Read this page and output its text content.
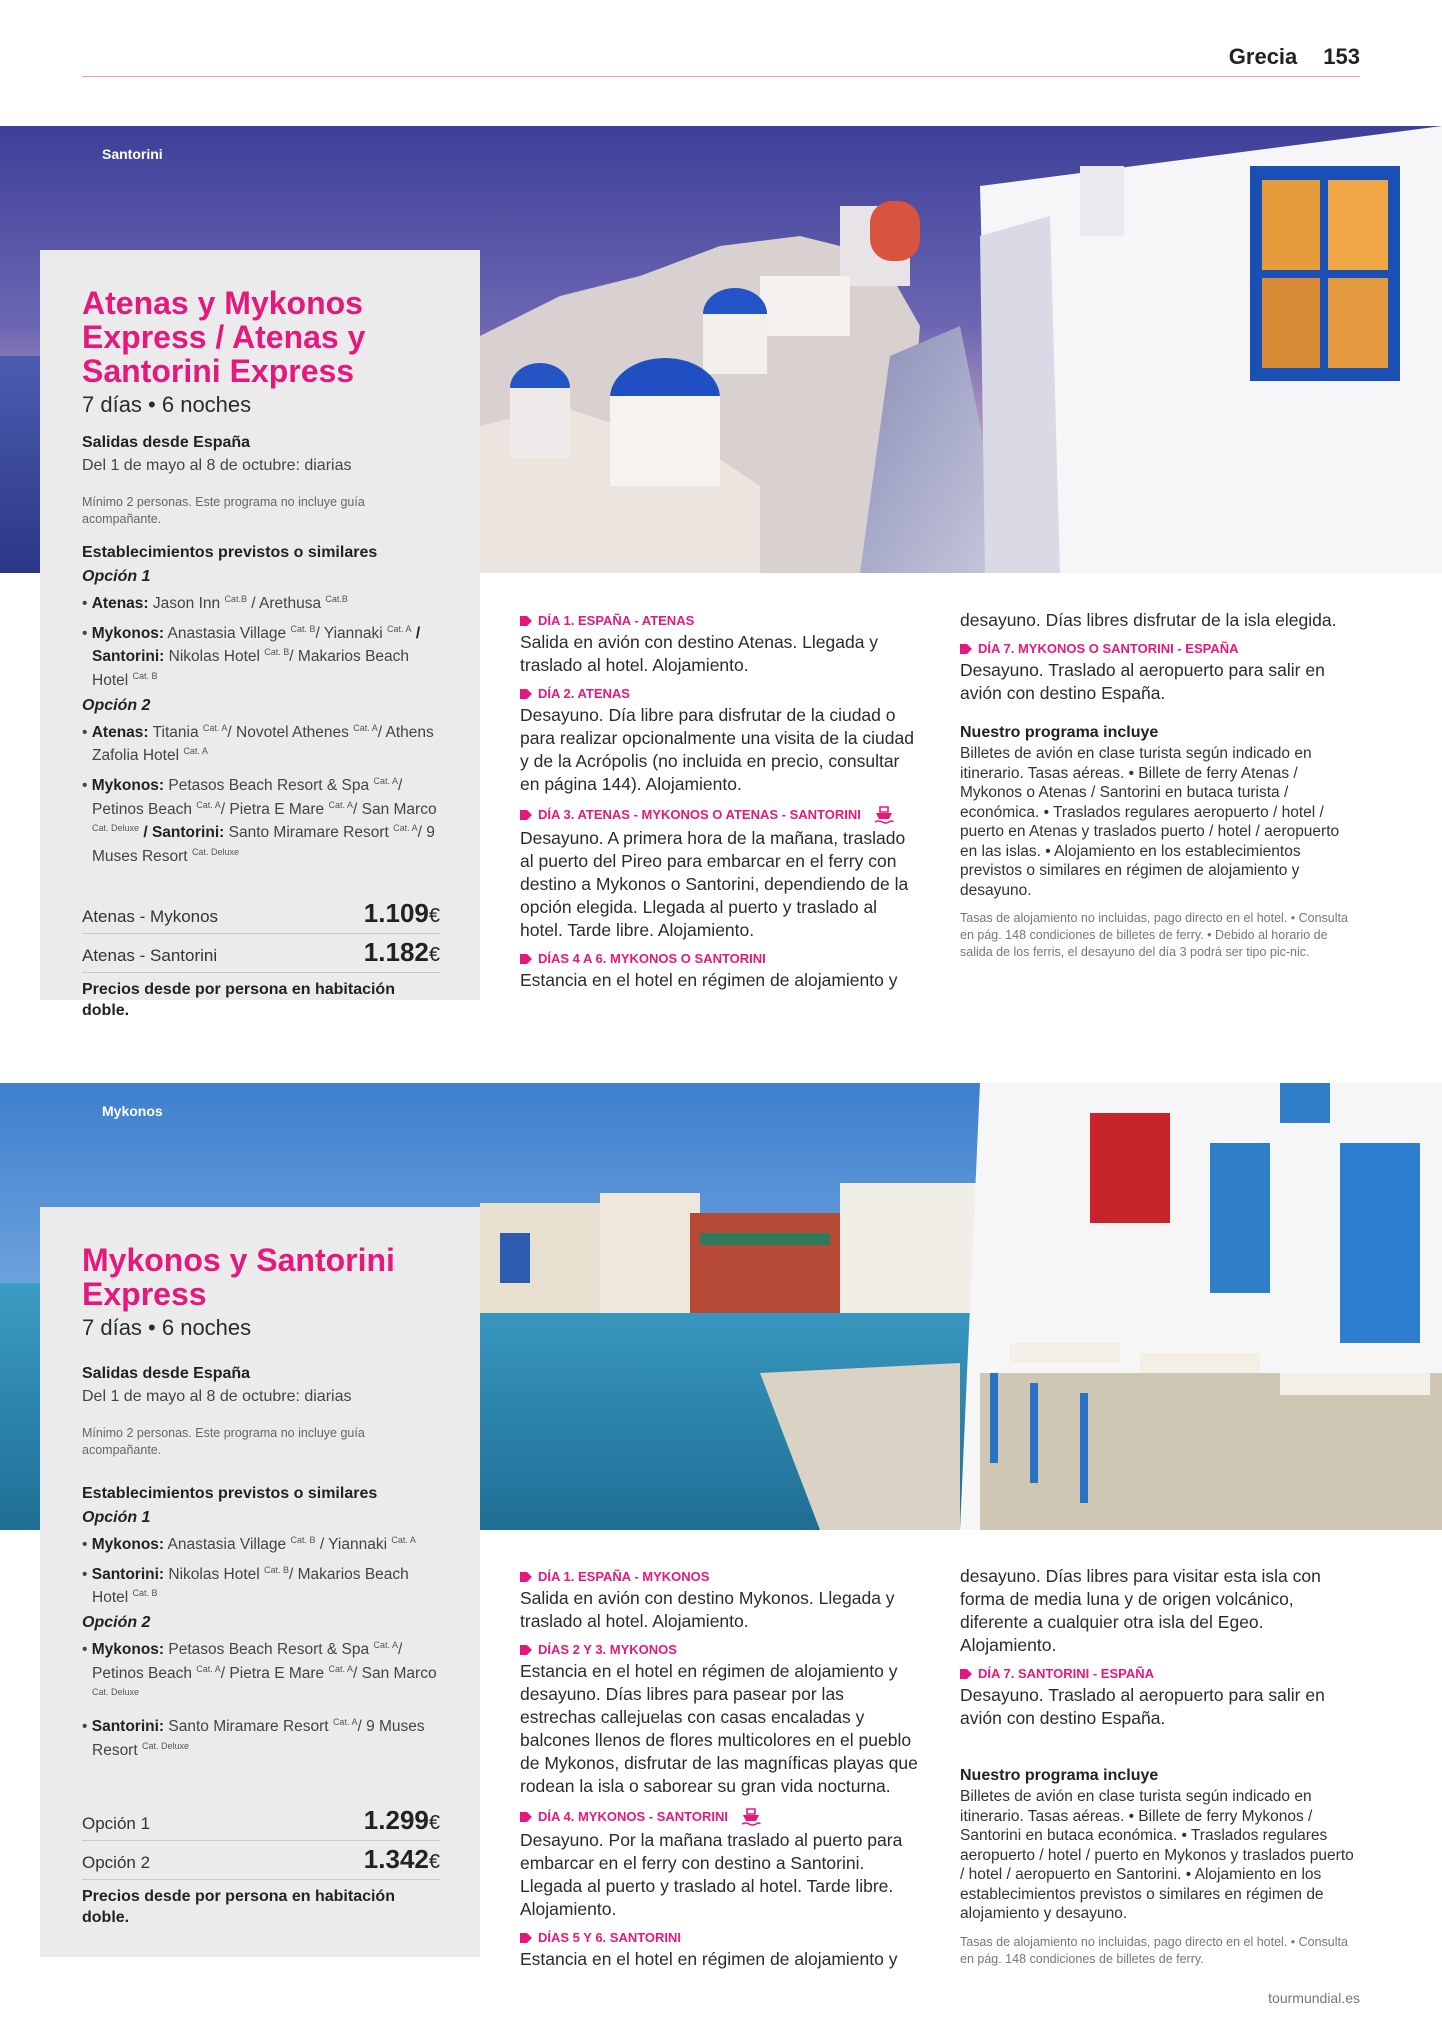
Grecia 153
Santorini
Atenas y Mykonos Express / Atenas y Santorini Express
7 días • 6 noches
Salidas desde España
Del 1 de mayo al 8 de octubre: diarias
Mínimo 2 personas. Este programa no incluye guía acompañante.
Establecimientos previstos o similares
Opción 1
• Atenas: Jason Inn $^{Cat.B}$ / Arethusa $^{Cat.B}$
• Mykonos: Anastasia Village $^{Cat. B}$/ Yiannaki $^{Cat. A}$ / Santorini: Nikolas Hotel $^{Cat. B}$/ Makarios Beach Hotel $^{Cat. B}$
Opción 2
• Atenas: Titania $^{Cat. A}$/ Novotel Athenes $^{Cat. A}$/ Athens Zafolia Hotel $^{Cat. A}$
• Mykonos: Petasos Beach Resort & Spa $^{Cat. A}$/ Petinos Beach $^{Cat. A}$/ Pietra E Mare $^{Cat. A}$/ San Marco $^{Cat. Deluxe}$ / Santorini: Santo Miramare Resort $^{Cat. A}$/ 9 Muses Resort $^{Cat. Deluxe}$
Atenas - Mykonos	1.109€
Atenas - Santorini	1.182€
Precios desde por persona en habitación doble.
DÍA 1. ESPAÑA - ATENAS

Salida en avión con destino Atenas. Llegada y traslado al hotel. Alojamiento.

DÍA 2. ATENAS

Desayuno. Día libre para disfrutar de la ciudad o para realizar opcionalmente una visita de la ciudad y de la Acrópolis (no incluida en precio, consultar en página 144). Alojamiento.

DÍA 3. ATENAS - MYKONOS O ATENAS - SANTORINI

Desayuno. A primera hora de la mañana, traslado al puerto del Pireo para embarcar en el ferry con destino a Mykonos o Santorini, dependiendo de la opción elegida. Llegada al puerto y traslado al hotel. Tarde libre. Alojamiento.

DÍAS 4 A 6. MYKONOS O SANTORINI

Estancia en el hotel en régimen de alojamiento y

desayuno. Días libres disfrutar de la isla elegida.

DÍA 7. MYKONOS O SANTORINI - ESPAÑA

Desayuno. Traslado al aeropuerto para salir en avión con destino España.

Nuestro programa incluye
Billetes de avión en clase turista según indicado en itinerario. Tasas aéreas. • Billete de ferry Atenas / Mykonos o Atenas / Santorini en butaca turista / económica. • Traslados regulares aeropuerto / hotel / puerto en Atenas y traslados puerto / hotel / aeropuerto en las islas. • Alojamiento en los establecimientos previstos o similares en régimen de alojamiento y desayuno.
Tasas de alojamiento no incluidas, pago directo en el hotel. • Consulta en pág. 148 condiciones de billetes de ferry. • Debido al horario de salida de los ferris, el desayuno del día 3 podrá ser tipo pic-nic.
Mykonos
Mykonos y Santorini Express
7 días • 6 noches
Salidas desde España
Del 1 de mayo al 8 de octubre: diarias
Mínimo 2 personas. Este programa no incluye guía acompañante.
Establecimientos previstos o similares
Opción 1
• Mykonos: Anastasia Village $^{Cat. B}$ / Yiannaki $^{Cat. A}$
• Santorini: Nikolas Hotel $^{Cat. B}$/ Makarios Beach Hotel $^{Cat. B}$
Opción 2
• Mykonos: Petasos Beach Resort & Spa $^{Cat. A}$/ Petinos Beach $^{Cat. A}$/ Pietra E Mare $^{Cat. A}$/ San Marco $^{Cat. Deluxe}$
• Santorini: Santo Miramare Resort $^{Cat. A}$/ 9 Muses Resort $^{Cat. Deluxe}$
Opción 1	1.299€
Opción 2	1.342€
Precios desde por persona en habitación doble.
DÍA 1. ESPAÑA - MYKONOS

Salida en avión con destino Mykonos. Llegada y traslado al hotel. Alojamiento.

DÍAS 2 Y 3. MYKONOS

Estancia en el hotel en régimen de alojamiento y desayuno. Días libres para pasear por las estrechas callejuelas con casas encaladas y balcones llenos de flores multicolores en el pueblo de Mykonos, disfrutar de las magníficas playas que rodean la isla o saborear su gran vida nocturna.

DÍA 4. MYKONOS - SANTORINI

Desayuno. Por la mañana traslado al puerto para embarcar en el ferry con destino a Santorini. Llegada al puerto y traslado al hotel. Tarde libre. Alojamiento.

DÍAS 5 Y 6. SANTORINI

Estancia en el hotel en régimen de alojamiento y

desayuno. Días libres para visitar esta isla con forma de media luna y de origen volcánico, diferente a cualquier otra isla del Egeo. Alojamiento.

DÍA 7. SANTORINI - ESPAÑA

Desayuno. Traslado al aeropuerto para salir en avión con destino España.

Nuestro programa incluye
Billetes de avión en clase turista según indicado en itinerario. Tasas aéreas. • Billete de ferry Mykonos / Santorini en butaca económica. • Traslados regulares aeropuerto / hotel / puerto en Mykonos y traslados puerto / hotel / aeropuerto en Santorini. • Alojamiento en los establecimientos previstos o similares en régimen de alojamiento y desayuno.
Tasas de alojamiento no incluidas, pago directo en el hotel. • Consulta en pág. 148 condiciones de billetes de ferry.
tourmundial.es
